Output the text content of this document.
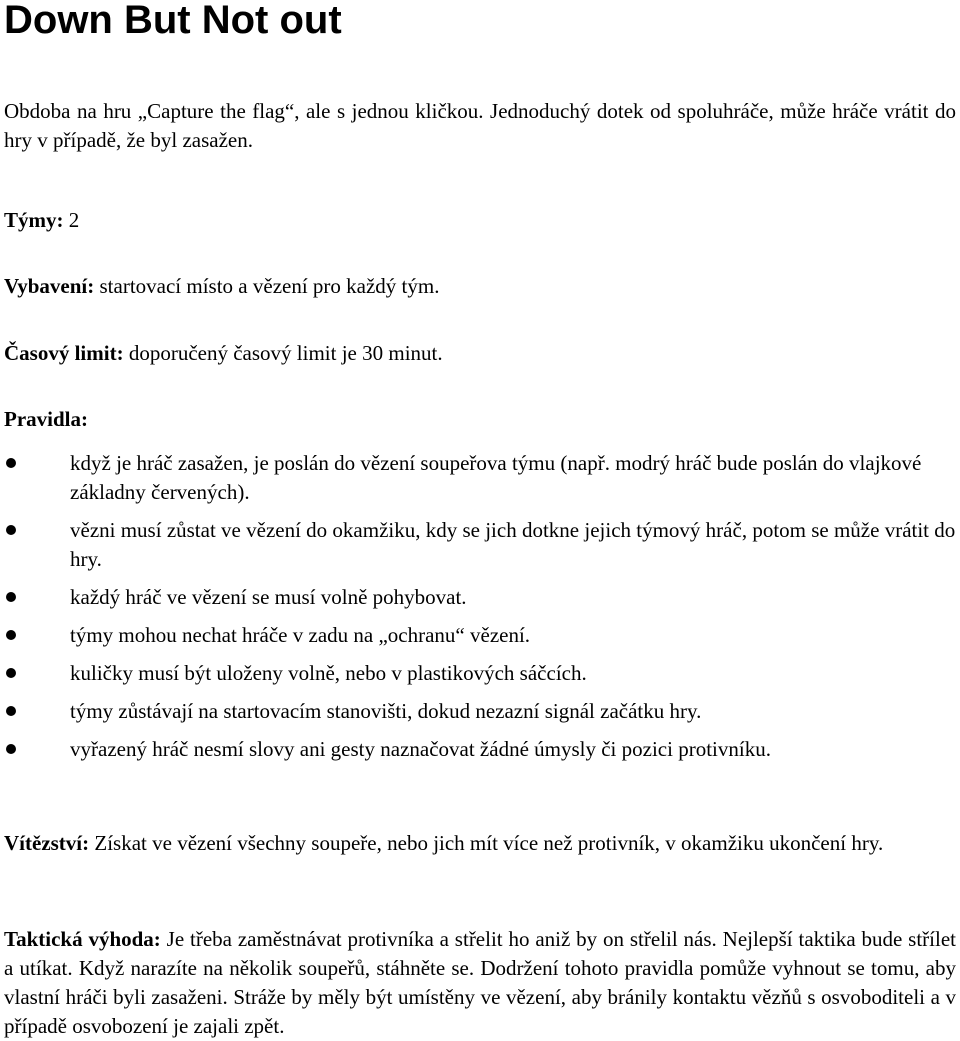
Down But Not out
Obdoba na hru „Capture the flag“, ale s jednou kličkou. Jednoduchý dotek od spoluhráče, může hráče vrátit do hry v případě, že byl zasažen.
Týmy: 2
Vybavení: startovací místo a vězení pro každý tým.
Časový limit: doporučený časový limit je 30 minut.
Pravidla:
když je hráč zasažen, je poslán do vězení soupeřova týmu (např. modrý hráč bude poslán do vlajkové základny červených).
vězni musí zůstat ve vězení do okamžiku, kdy se jich dotkne jejich týmový hráč, potom se může vrátit do hry.
každý hráč ve vězení se musí volně pohybovat.
týmy mohou nechat hráče v zadu na „ochranu“ vězení.
kuličky musí být uloženy volně, nebo v plastikových sáčcích.
týmy zůstávají na startovacím stanovišti, dokud nezazní signál začátku hry.
vyřazený hráč nesmí slovy ani gesty naznačovat žádné úmysly či pozici protivníku.
Vítězství: Získat ve vězení všechny soupeře, nebo jich mít více než protivník, v okamžiku ukončení hry.
Taktická výhoda: Je třeba zaměstnávat protivníka a střelit ho aniž by on střelil nás. Nejlepší taktika bude střílet a utíkat. Když narazíte na několik soupeřů, stáhněte se. Dodržení tohoto pravidla pomůže vyhnout se tomu, aby vlastní hráči byli zasaženi. Stráže by měly být umístěny ve vězení, aby bránily kontaktu vězňů s osvoboditeli a v případě osvobození je zajali zpět.
